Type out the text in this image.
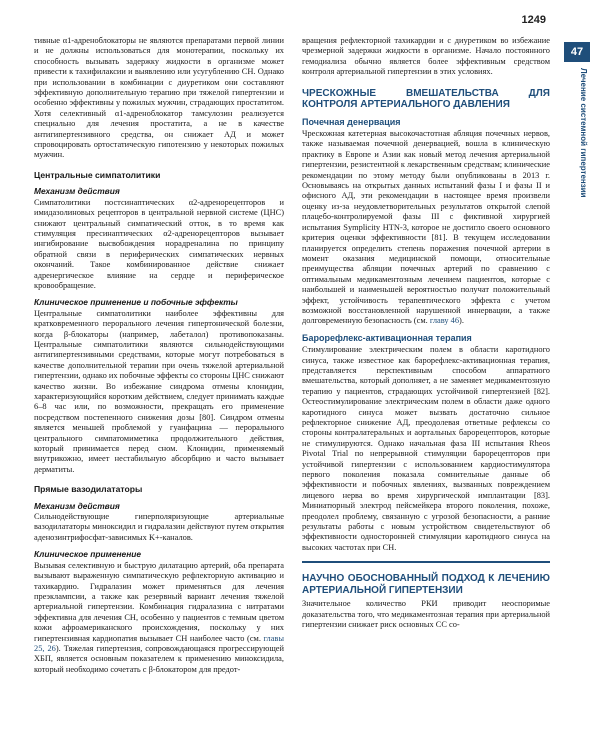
1249
47
Лечение системной гипертензии

тивные α1-адреноблокаторы не являются препаратами первой линии и не должны использоваться для монотерапии, поскольку их способность вызывать задержку жидкости в организме может привести к тахифилаксии и выявлению или усугублению СН. Однако при использовании в комбинации с диуретиком они составляют эффективную дополнительную терапию при тяжелой гипертензии и особенно эффективны у пожилых мужчин, страдающих простатитом. Хотя селективный α1-адреноблокатор тамсулозин реализуется специально для лечения простатита, а не в качестве антигипертензивного средства, он снижает АД и может спровоцировать ортостатическую гипотензию у некоторых пожилых мужчин.

Центральные симпатолитики
Механизм действия

Симпатолитики постсинаптических α2-адренорецепторов и имидазолиновых рецепторов в центральной нервной системе (ЦНС) снижают центральный симпатический отток, в то время как стимуляция пресинаптических α2-адренорецепторов вызывает ингибирование высвобождения норадреналина по принципу обратной связи в периферических симпатических нервных окончаний. Такое комбинированное действие снижает адренергическое влияние на сердце и периферическое кровообращение.

Клиническое применение и побочные эффекты

Центральные симпатолитики наиболее эффективны для кратковременного перорального лечения гипертонической болезни, когда β-блокаторы (например, лабеталол) противопоказаны. Центральные симпатолитики являются сильнодействующими антигипертензивными средствами, которые могут потребоваться в качестве дополнительной терапии при очень тяжелой артериальной гипертензии, однако их побочные эффекты со стороны ЦНС снижают качество жизни. Во избежание синдрома отмены клонидин, характеризующийся коротким действием, следует принимать каждые 6–8 час или, по возможности, прекращать его применение посредством постепенного снижения дозы [80]. Синдром отмены является меньшей проблемой у гуанфацина — перорального центрального симпатомиметика продолжительного действия, который принимается перед сном. Клонидин, применяемый внутрикожно, имеет нестабильную абсорбцию и часто вызывает дерматиты.

Прямые вазодилататоры
Механизм действия

Сильнодействующие гиперполяризующие артериальные вазодилататоры миноксидил и гидралазин действуют путем открытия аденозинтрифосфат-зависимых K+-каналов.

Клиническое применение

Вызывая селективную и быструю дилатацию артерий, оба препарата вызывают выраженную симпатическую рефлекторную активацию и тахикардию. Гидралазин может применяться для лечения преэклампсии, а также как резервный вариант лечения тяжелой артериальной гипертензии. Комбинация гидралазина с нитратами эффективна для лечения СН, особенно у пациентов с темным цветом кожи афроамериканского происхождения, поскольку у них гипертензивная кардиопатия вызывает СН наиболее часто (см. главы 25, 26). Тяжелая гипертензия, сопровождающаяся прогрессирующей ХБП, является основным показателем к применению миноксидила, который необходимо сочетать с β-блокатором для предот-

вращения рефлекторной тахикардии и с диуретиком во избежание чрезмерной задержки жидкости в организме. Начало постоянного гемодиализа обычно является более эффективным средством контроля артериальной гипертензии в этих условиях.

ЧРЕСКОЖНЫЕ ВМЕШАТЕЛЬСТВА ДЛЯ КОНТРОЛЯ АРТЕРИАЛЬНОГО ДАВЛЕНИЯ
Почечная денервация

Чрескожная катетерная высокочастотная абляция почечных нервов, также называемая почечной денервацией, вошла в клиническую практику в Европе и Азии как новый метод лечения артериальной гипертензии, резистентной к лекарственным средствам; клинические рекомендации по этому методу были опубликованы в 2013 г. Основываясь на открытых данных испытаний фазы I и фазы II и офисного АД, эти рекомендации в настоящее время произвели оценку из-за неудовлетворительных результатов открытой слепой плацебо-контролируемой фазы III с фиктивной хирургией испытания Symplicity HTN-3, которое не достигло своего основного критерия оценки эффективности [81]. В текущем исследовании планируется определить степень поражения почечной артерии в момент оказания медицинской помощи, относительные преимущества абляции почечных артерий по сравнению с оптимальным медикаментозным лечением пациентов, которые с наибольшей и наименьшей вероятностью получат положительный эффект, устойчивость терапевтического эффекта с учетом возможной восстановленной нарушенной иннервации, а также долговременную безопасность (см. главу 46).

Барорефлекс-активационная терапия

Стимулирование электрическим полем в области каротидного синуса, также известное как барорефлекс-активационная терапия, представляется перспективным способом аппаратного вмешательства, который дополняет, а не заменяет медикаментозную терапию у пациентов, страдающих устойчивой гипертензией [82]. Остеостимулирование электрическим полем в области даже одного каротидного синуса может вызвать достаточно сильное рефлекторное снижение АД, преодолевая ответные рефлексы со стороны контралатеральных и аортальных барорецепторов, которые не стимулируются. Однако начальная фаза III испытания Rheos Pivotal Trial по непрерывной стимуляции барорецепторов при устойчивой гипертензии с использованием кардиостимулятора первого поколения показала сомнительные данные об эффективности и побочных явлениях, вызванных повреждением лицевого нерва во время хирургической имплантации [83]. Миниатюрный электрод пейсмейкера второго поколения, похоже, преодолел проблему, связанную с угрозой безопасности, а ранние результаты работы с новым устройством свидетельствуют об эффективности односторонней стимуляции каротидного синуса на высоких частотах при СН.

НАУЧНО ОБОСНОВАННЫЙ ПОДХОД К ЛЕЧЕНИЮ АРТЕРИАЛЬНОЙ ГИПЕРТЕНЗИИ

Значительное количество РКИ приводит неоспоримые доказательства того, что медикаментозная терапия при артериальной гипертензии снижает риск основных СС со-
